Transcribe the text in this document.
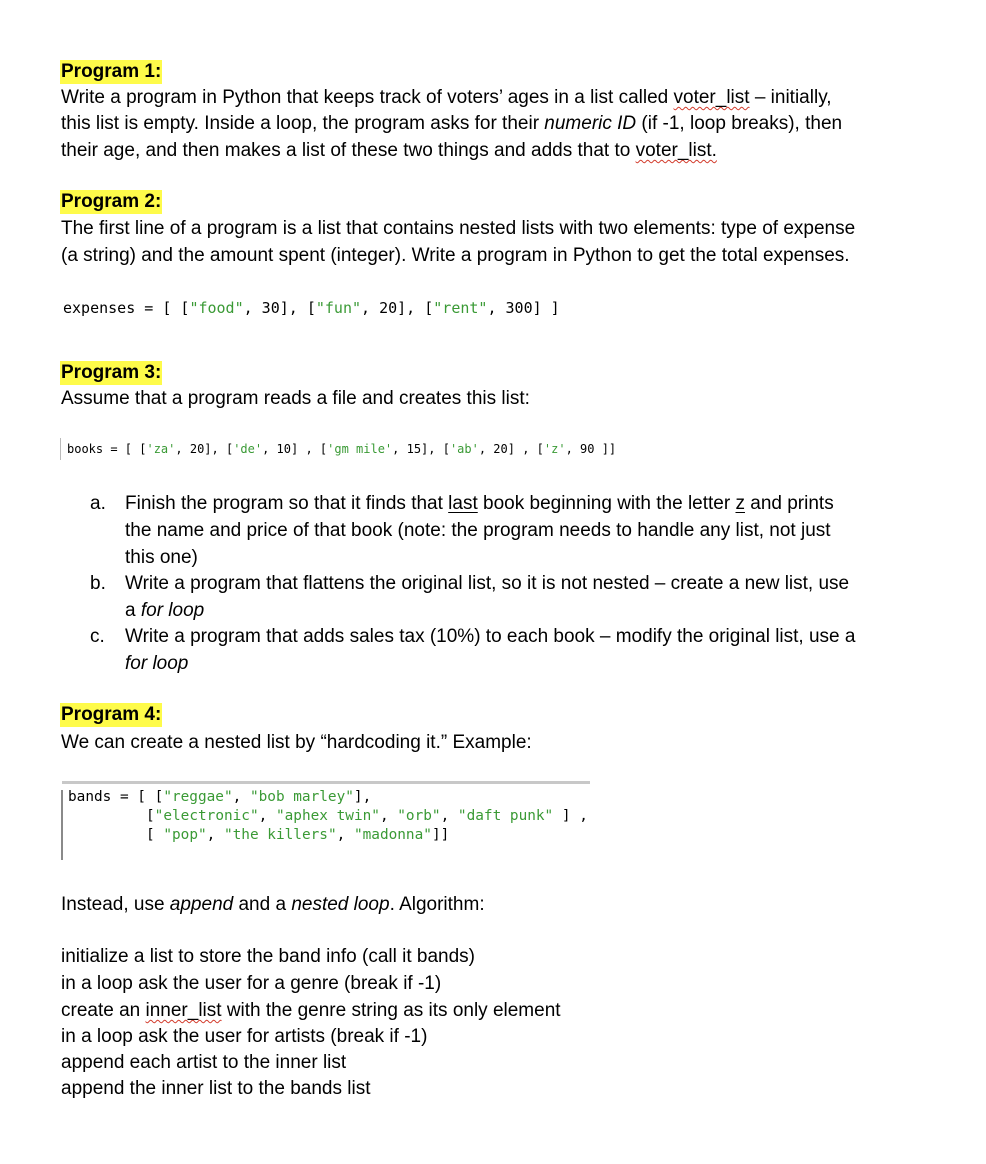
Program 1:
Write a program in Python that keeps track of voters’ ages in a list called voter_list – initially,
this list is empty. Inside a loop, the program asks for their numeric ID (if -1, loop breaks), then
their age, and then makes a list of these two things and adds that to voter_list.
Program 2:
The first line of a program is a list that contains nested lists with two elements: type of expense
(a string) and the amount spent (integer). Write a program in Python to get the total expenses.
expenses = [ ["food", 30], ["fun", 20], ["rent", 300] ]
Program 3:
Assume that a program reads a file and creates this list:
books = [ ['za', 20], ['de', 10] , ['gm mile', 15], ['ab', 20] , ['z', 90 ]]
a.	Finish the program so that it finds that last book beginning with the letter z and prints
the name and price of that book (note: the program needs to handle any list, not just
this one)
b.	Write a program that flattens the original list, so it is not nested – create a new list, use
a for loop
c.	Write a program that adds sales tax (10%) to each book – modify the original list, use a
for loop
Program 4:
We can create a nested list by “hardcoding it.” Example:
bands = [ ["reggae", "bob marley"],
["electronic", "aphex twin", "orb", "daft punk" ] ,
[ "pop", "the killers", "madonna"]]
Instead, use append and a nested loop. Algorithm:
initialize a list to store the band info (call it bands)
in a loop ask the user for a genre (break if -1)
create an inner_list with the genre string as its only element
in a loop ask the user for artists (break if -1)
append each artist to the inner list
append the inner list to the bands list
